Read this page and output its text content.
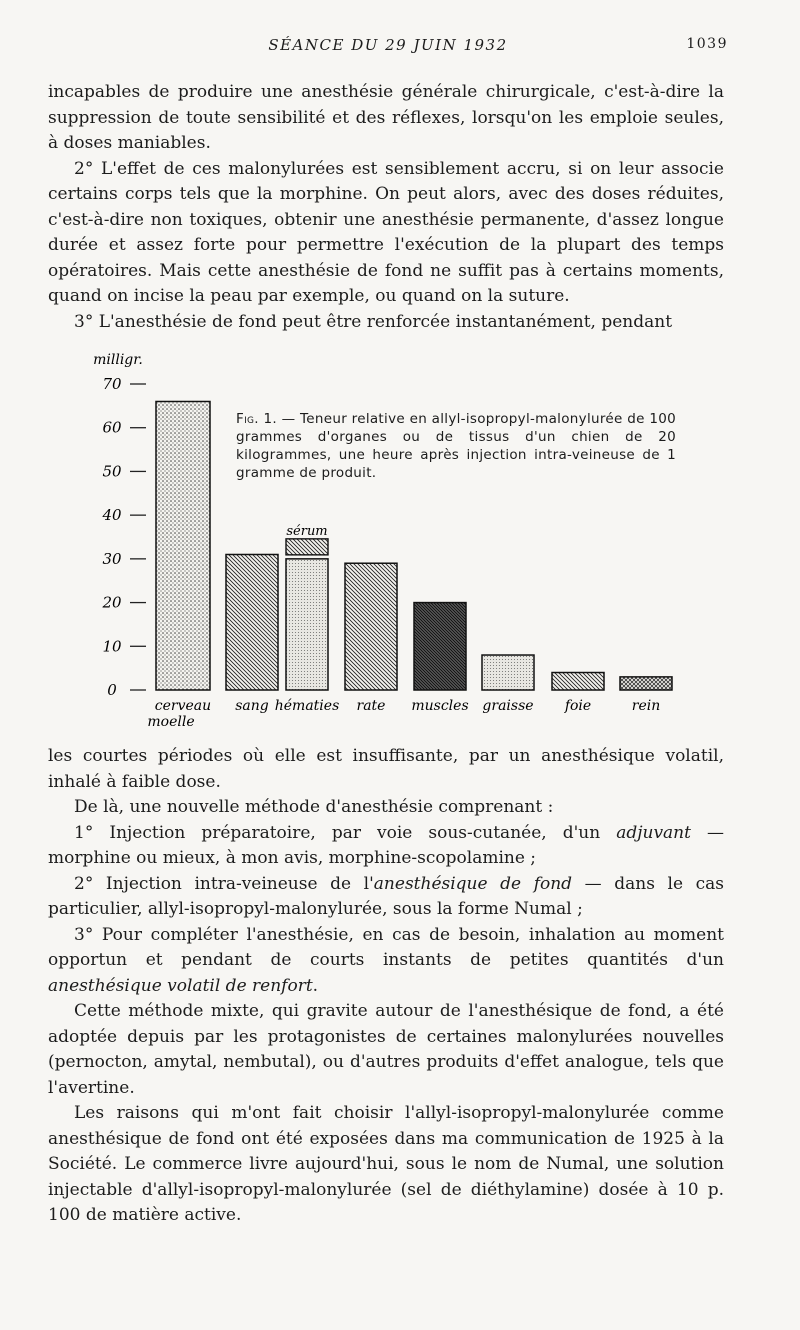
SÉANCE DU 29 JUIN 1932	1039

incapables de produire une anesthésie générale chirurgicale, c'est-à-dire la suppression de toute sensibilité et des réflexes, lorsqu'on les emploie seules, à doses maniables.

2° L'effet de ces malonylurées est sensiblement accru, si on leur associe certains corps tels que la morphine. On peut alors, avec des doses réduites, c'est-à-dire non toxiques, obtenir une anesthésie permanente, d'assez longue durée et assez forte pour permettre l'exécution de la plupart des temps opératoires. Mais cette anesthésie de fond ne suffit pas à certains moments, quand on incise la peau par exemple, ou quand on la suture.

3° L'anesthésie de fond peut être renforcée instantanément, pendant

milligr.
0
10
20
30
40
50
60
70
sérum
cerveau moelle
sang hématies rate muscles graisse foie	rein
Fig. 1. — Teneur relative en allyl-isopropyl-malonylurée de 100 grammes d'organes ou de tissus d'un chien de 20 kilogrammes, une heure après injection intra-veineuse de 1 gramme de produit.

les courtes périodes où elle est insuffisante, par un anesthésique volatil, inhalé à faible dose.

De là, une nouvelle méthode d'anesthésie comprenant :

1° Injection préparatoire, par voie sous-cutanée, d'un adjuvant — morphine ou mieux, à mon avis, morphine-scopolamine ;

2° Injection intra-veineuse de l'anesthésique de fond — dans le cas particulier, allyl-isopropyl-malonylurée, sous la forme Numal ;

3° Pour compléter l'anesthésie, en cas de besoin, inhalation au moment opportun et pendant de courts instants de petites quantités d'un anesthésique volatil de renfort.

Cette méthode mixte, qui gravite autour de l'anesthésique de fond, a été adoptée depuis par les protagonistes de certaines malonylurées nouvelles (pernocton, amytal, nembutal), ou d'autres produits d'effet analogue, tels que l'avertine.

Les raisons qui m'ont fait choisir l'allyl-isopropyl-malonylurée comme anesthésique de fond ont été exposées dans ma communication de 1925 à la Société. Le commerce livre aujourd'hui, sous le nom de Numal, une solution injectable d'allyl-isopropyl-malonylurée (sel de diéthylamine) dosée à 10 p. 100 de matière active.
